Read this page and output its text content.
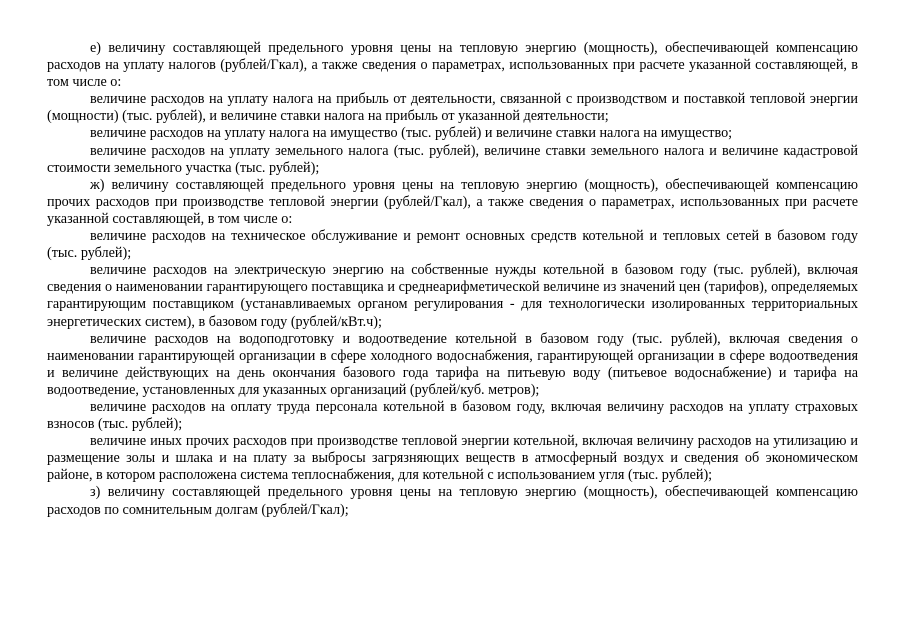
е) величину составляющей предельного уровня цены на тепловую энергию (мощность), обеспечивающей компенсацию расходов на уплату налогов (рублей/Гкал), а также сведения о параметрах, использованных при расчете указанной составляющей, в том числе о:

величине расходов на уплату налога на прибыль от деятельности, связанной с производством и поставкой тепловой энергии (мощности) (тыс. рублей), и величине ставки налога на прибыль от указанной деятельности;

величине расходов на уплату налога на имущество (тыс. рублей) и величине ставки налога на имущество;

величине расходов на уплату земельного налога (тыс. рублей), величине ставки земельного налога и величине кадастровой стоимости земельного участка (тыс. рублей);

ж) величину составляющей предельного уровня цены на тепловую энергию (мощность), обеспечивающей компенсацию прочих расходов при производстве тепловой энергии (рублей/Гкал), а также сведения о параметрах, использованных при расчете указанной составляющей, в том числе о:

величине расходов на техническое обслуживание и ремонт основных средств котельной и тепловых сетей в базовом году (тыс. рублей);

величине расходов на электрическую энергию на собственные нужды котельной в базовом году (тыс. рублей), включая сведения о наименовании гарантирующего поставщика и среднеарифметической величине из значений цен (тарифов), определяемых гарантирующим поставщиком (устанавливаемых органом регулирования - для технологически изолированных территориальных энергетических систем), в базовом году (рублей/кВт.ч);

величине расходов на водоподготовку и водоотведение котельной в базовом году (тыс. рублей), включая сведения о наименовании гарантирующей организации в сфере холодного водоснабжения, гарантирующей организации в сфере водоотведения и величине действующих на день окончания базового года тарифа на питьевую воду (питьевое водоснабжение) и тарифа на водоотведение, установленных для указанных организаций (рублей/куб. метров);

величине расходов на оплату труда персонала котельной в базовом году, включая величину расходов на уплату страховых взносов (тыс. рублей);

величине иных прочих расходов при производстве тепловой энергии котельной, включая величину расходов на утилизацию и размещение золы и шлака и на плату за выбросы загрязняющих веществ в атмосферный воздух и сведения об экономическом районе, в котором расположена система теплоснабжения, для котельной с использованием угля (тыс. рублей);

з) величину составляющей предельного уровня цены на тепловую энергию (мощность), обеспечивающей компенсацию расходов по сомнительным долгам (рублей/Гкал);
